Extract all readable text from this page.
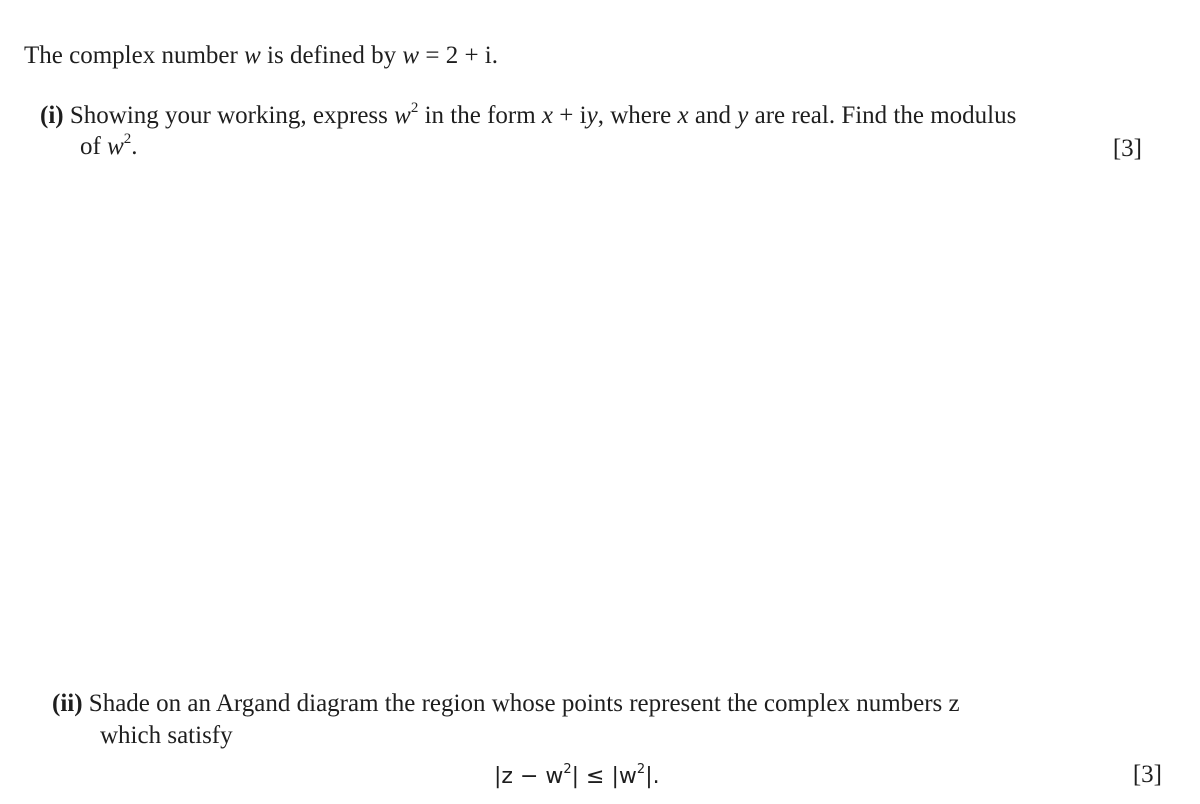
The complex number w is defined by w = 2 + i.
(i) Showing your working, express $w^2$ in the form x + iy, where x and y are real. Find the modulus
of $w^2$.	[3]
(ii) Shade on an Argand diagram the region whose points represent the complex numbers z
which satisfy
$|z - w^2| \le |w^2|$.	[3]
